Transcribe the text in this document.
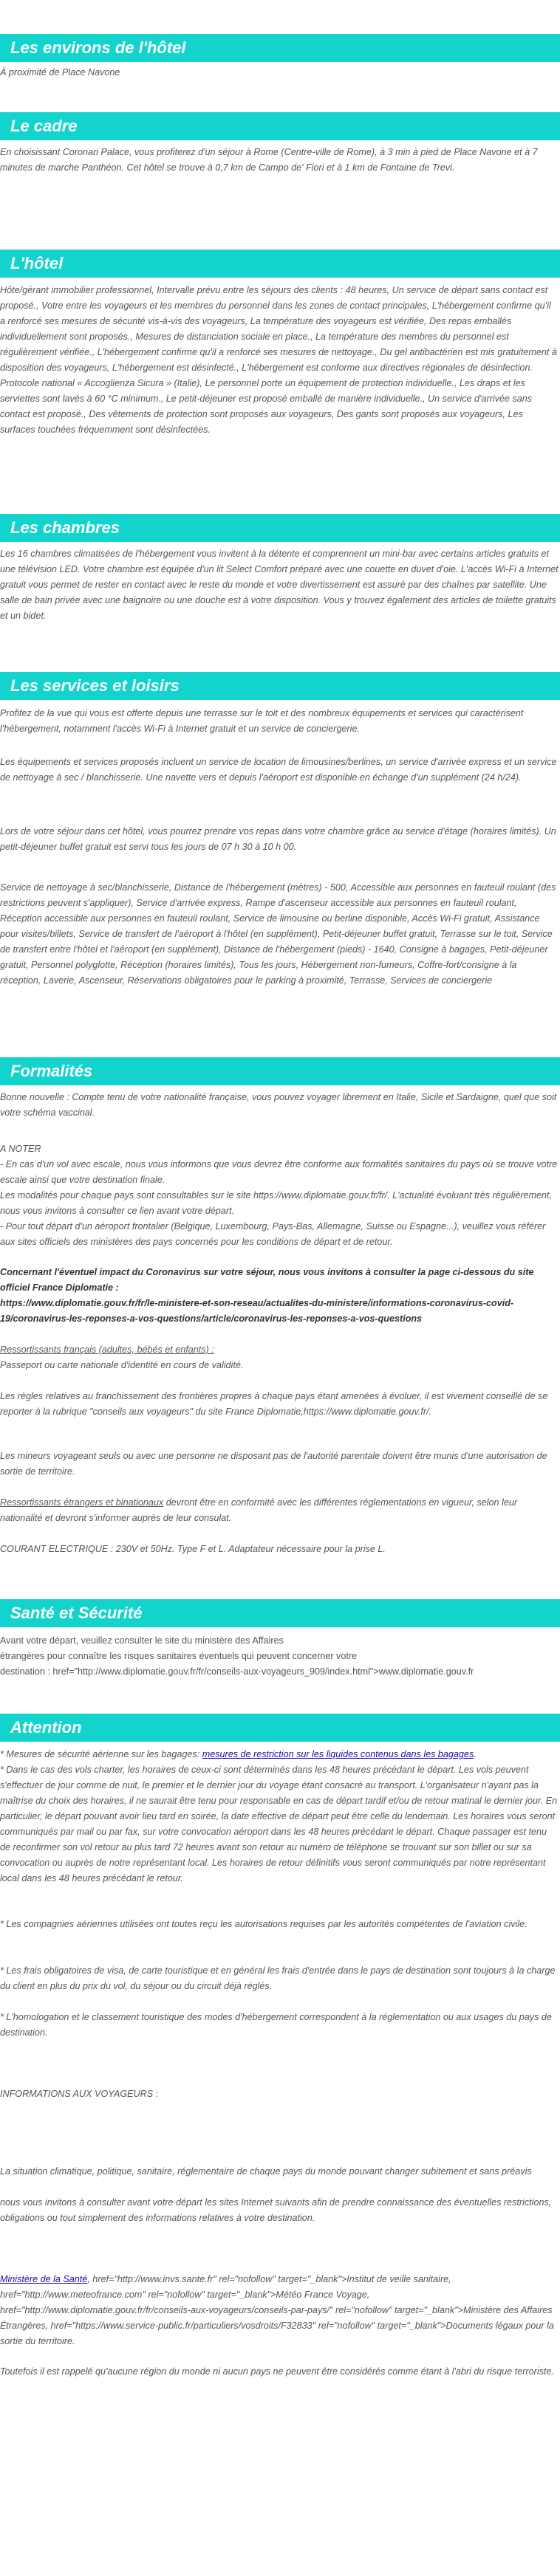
Les environs de l'hôtel
À proximité de Place Navone
Le cadre
En choisissant Coronari Palace, vous profiterez d'un séjour à Rome (Centre-ville de Rome), à 3 min à pied de Place Navone et à 7 minutes de marche Panthéon. Cet hôtel se trouve à 0,7 km de Campo de' Fiori et à 1 km de Fontaine de Trevi.
L'hôtel
Hôte/gérant immobilier professionnel, Intervalle prévu entre les séjours des clients : 48 heures, Un service de départ sans contact est proposé., Votre entre les voyageurs et les membres du personnel dans les zones de contact principales, L'hébergement confirme qu'il a renforcé ses mesures de sécurité vis-à-vis des voyageurs, La température des voyageurs est vérifiée, Des repas emballés individuellement sont proposés., Mesures de distanciation sociale en place., La température des membres du personnel est régulièrement vérifiée., L'hébergement confirme qu'il a renforcé ses mesures de nettoyage., Du gel antibactérien est mis gratuitement à disposition des voyageurs, L'hébergement est désinfecté., L'hébergement est conforme aux directives régionales de désinfection. Protocole national « Accoglienza Sicura » (Italie), Le personnel porte un équipement de protection individuelle., Les draps et les serviettes sont lavés à 60 °C minimum., Le petit-déjeuner est proposé emballé de manière individuelle., Un service d'arrivée sans contact est proposé., Des vêtements de protection sont proposés aux voyageurs, Des gants sont proposés aux voyageurs, Les surfaces touchées fréquemment sont désinfectées.
Les chambres
Les 16 chambres climatisées de l'hébergement vous invitent à la détente et comprennent un mini-bar avec certains articles gratuits et une télévision LED. Votre chambre est équipée d'un lit Select Comfort préparé avec une couette en duvet d'oie. L'accès Wi-Fi à Internet gratuit vous permet de rester en contact avec le reste du monde et votre divertissement est assuré par des chaînes par satellite. Une salle de bain privée avec une baignoire ou une douche est à votre disposition. Vous y trouvez également des articles de toilette gratuits et un bidet.
Les services et loisirs
Profitez de la vue qui vous est offerte depuis une terrasse sur le toit et des nombreux équipements et services qui caractérisent l'hébergement, notamment l'accès Wi-Fi à Internet gratuit et un service de conciergerie.
Les équipements et services proposés incluent un service de location de limousines/berlines, un service d'arrivée express et un service de nettoyage à sec / blanchisserie. Une navette vers et depuis l'aéroport est disponible en échange d'un supplément (24 h/24).
Lors de votre séjour dans cet hôtel, vous pourrez prendre vos repas dans votre chambre grâce au service d'étage (horaires limités). Un petit-déjeuner buffet gratuit est servi tous les jours de 07 h 30 à 10 h 00.
Service de nettoyage à sec/blanchisserie, Distance de l'hébergement (mètres) - 500, Accessible aux personnes en fauteuil roulant (des restrictions peuvent s'appliquer), Service d'arrivée express, Rampe d'ascenseur accessible aux personnes en fauteuil roulant, Réception accessible aux personnes en fauteuil roulant, Service de limousine ou berline disponible, Accès Wi-Fi gratuit, Assistance pour visites/billets, Service de transfert de l'aéroport à l'hôtel (en supplément), Petit-déjeuner buffet gratuit, Terrasse sur le toit, Service de transfert entre l'hôtel et l'aéroport (en supplément), Distance de l'hébergement (pieds) - 1640, Consigne à bagages, Petit-déjeuner gratuit, Personnel polyglotte, Réception (horaires limités), Tous les jours, Hébergement non-fumeurs, Coffre-fort/consigne à la réception, Laverie, Ascenseur, Réservations obligatoires pour le parking à proximité, Terrasse, Services de conciergerie
Formalités
Bonne nouvelle : Compte tenu de votre nationalité française, vous pouvez voyager librement en Italie, Sicile et Sardaigne, quel que soit votre schéma vaccinal.
A NOTER
- En cas d'un vol avec escale, nous vous informons que vous devrez être conforme aux formalités sanitaires du pays où se trouve votre escale ainsi que votre destination finale.
Les modalités pour chaque pays sont consultables sur le site https://www.diplomatie.gouv.fr/fr/. L'actualité évoluant très régulièrement, nous vous invitons à consulter ce lien avant votre départ.
- Pour tout départ d'un aéroport frontalier (Belgique, Luxembourg, Pays-Bas, Allemagne, Suisse ou Espagne...), veuillez vous référer aux sites officiels des ministères des pays concernés pour les conditions de départ et de retour.
Concernant l'éventuel impact du Coronavirus sur votre séjour, nous vous invitons à consulter la page ci-dessous du site officiel France Diplomatie :
https://www.diplomatie.gouv.fr/fr/le-ministere-et-son-reseau/actualites-du-ministere/informations-coronavirus-covid-19/coronavirus-les-reponses-a-vos-questions/article/coronavirus-les-reponses-a-vos-questions
Ressortissants français (adultes, bébés et enfants) :
Passeport ou carte nationale d'identité en cours de validité.
Les règles relatives au franchissement des frontières propres à chaque pays étant amenées à évoluer, il est vivement conseillé de se reporter à la rubrique "conseils aux voyageurs" du site France Diplomatie,https://www.diplomatie.gouv.fr/.
Les mineurs voyageant seuls ou avec une personne ne disposant pas de l'autorité parentale doivent être munis d'une autorisation de sortie de territoire.
Ressortissants étrangers et binationaux devront être en conformité avec les différentes réglementations en vigueur, selon leur nationalité et devront s'informer auprès de leur consulat.
COURANT ELECTRIQUE : 230V et 50Hz. Type F et L. Adaptateur nécessaire pour la prise L.
Santé et Sécurité
Avant votre départ, veuillez consulter le site du ministère des Affaires
étrangères pour connaître les risques sanitaires éventuels qui peuvent concerner votre
destination : href="http://www.diplomatie.gouv.fr/fr/conseils-aux-voyageurs_909/index.html">www.diplomatie.gouv.fr
Attention
* Mesures de sécurité aérienne sur les bagages: mesures de restriction sur les liquides contenus dans les bagages.
* Dans le cas des vols charter, les horaires de ceux-ci sont déterminés dans les 48 heures précédant le départ. Les vols peuvent s'effectuer de jour comme de nuit, le premier et le dernier jour du voyage étant consacré au transport. L'organisateur n'ayant pas la maîtrise du choix des horaires, il ne saurait être tenu pour responsable en cas de départ tardif et/ou de retour matinal le dernier jour. En particulier, le départ pouvant avoir lieu tard en soirée, la date effective de départ peut être celle du lendemain. Les horaires vous seront communiqués par mail ou par fax, sur votre convocation aéroport dans les 48 heures précédant le départ. Chaque passager est tenu de reconfirmer son vol retour au plus tard 72 heures avant son retour au numéro de téléphone se trouvant sur son billet ou sur sa convocation ou auprès de notre représentant local. Les horaires de retour définitifs vous seront communiqués par notre représentant local dans les 48 heures précédant le retour.
* Les compagnies aériennes utilisées ont toutes reçu les autorisations requises par les autorités compétentes de l'aviation civile.
* Les frais obligatoires de visa, de carte touristique et en général les frais d'entrée dans le pays de destination sont toujours à la charge du client en plus du prix du vol, du séjour ou du circuit déjà réglés.
* L'homologation et le classement touristique des modes d'hébergement correspondent à la réglementation ou aux usages du pays de destination.
INFORMATIONS AUX VOYAGEURS :
La situation climatique, politique, sanitaire, réglementaire de chaque pays du monde pouvant changer subitement et sans préavis
nous vous invitons à consulter avant votre départ les sites Internet suivants afin de prendre connaissance des éventuelles restrictions, obligations ou tout simplement des informations relatives à votre destination.
Ministère de la Santé, href="http://www.invs.sante.fr" rel="nofollow" target="_blank">Institut de veille sanitaire, href="http://www.meteofrance.com" rel="nofollow" target="_blank">Météo France Voyage, href="http://www.diplomatie.gouv.fr/fr/conseils-aux-voyageurs/conseils-par-pays/" rel="nofollow" target="_blank">Ministère des Affaires Étrangères, href="https://www.service-public.fr/particuliers/vosdroits/F32833" rel="nofollow" target="_blank">Documents légaux pour la sortie du territoire.
Toutefois il est rappelé qu'aucune région du monde ni aucun pays ne peuvent être considérés comme étant à l'abri du risque terroriste.
